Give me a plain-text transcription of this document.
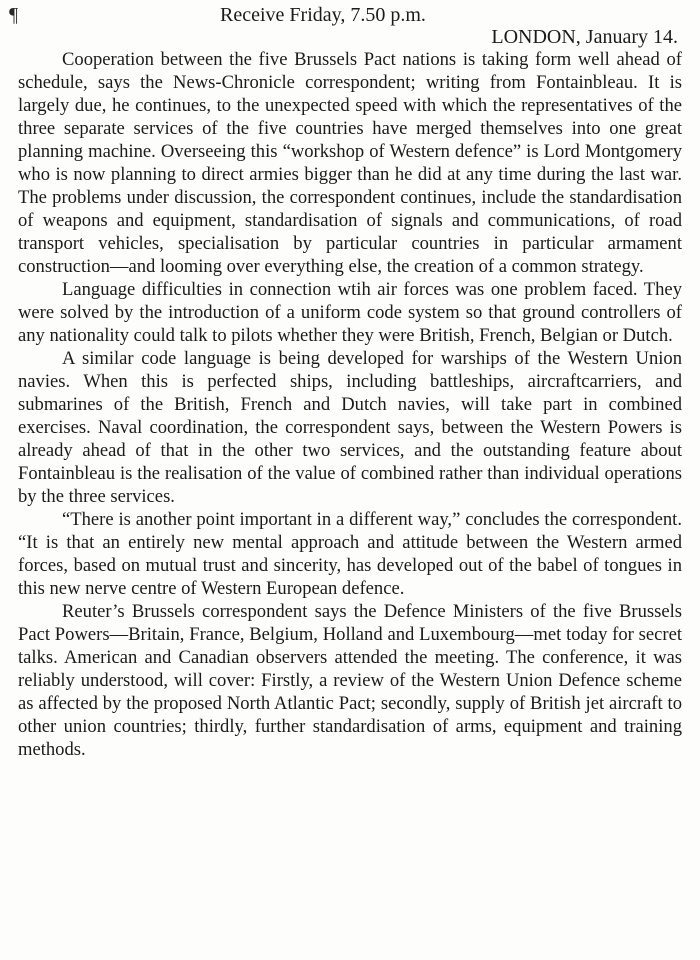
¶	Receive Friday, 7.50 p.m.
LONDON, January 14.

Cooperation between the five Brussels Pact nations is taking form well ahead of schedule, says the News-Chronicle correspondent; writing from Fontainbleau. It is largely due, he continues, to the unexpected speed with which the representatives of the three separate services of the five countries have merged themselves into one great planning machine. Overseeing this “workshop of Western defence” is Lord Montgomery who is now planning to direct armies bigger than he did at any time during the last war. The problems under discussion, the correspondent continues, include the standardisation of weapons and equipment, standardisation of signals and communications, of road transport vehicles, specialisation by particular countries in particular armament construction—and looming over everything else, the creation of a common strategy.

Language difficulties in connection wtih air forces was one problem faced. They were solved by the introduction of a uniform code system so that ground controllers of any nationality could talk to pilots whether they were British, French, Belgian or Dutch.

A similar code language is being developed for warships of the Western Union navies. When this is perfected ships, including battleships, aircraftcarriers, and submarines of the British, French and Dutch navies, will take part in combined exercises. Naval coordination, the correspondent says, between the Western Powers is already ahead of that in the other two services, and the outstanding feature about Fontainbleau is the realisation of the value of combined rather than individual operations by the three services.

“There is another point important in a different way,” concludes the correspondent. “It is that an entirely new mental approach and attitude between the Western armed forces, based on mutual trust and sincerity, has developed out of the babel of tongues in this new nerve centre of Western European defence.

Reuter’s Brussels correspondent says the Defence Ministers of the five Brussels Pact Powers—Britain, France, Belgium, Holland and Luxembourg—met today for secret talks. American and Canadian observers attended the meeting. The conference, it was reliably understood, will cover: Firstly, a review of the Western Union Defence scheme as affected by the proposed North Atlantic Pact; secondly, supply of British jet aircraft to other union countries; thirdly, further standardisation of arms, equipment and training methods.
